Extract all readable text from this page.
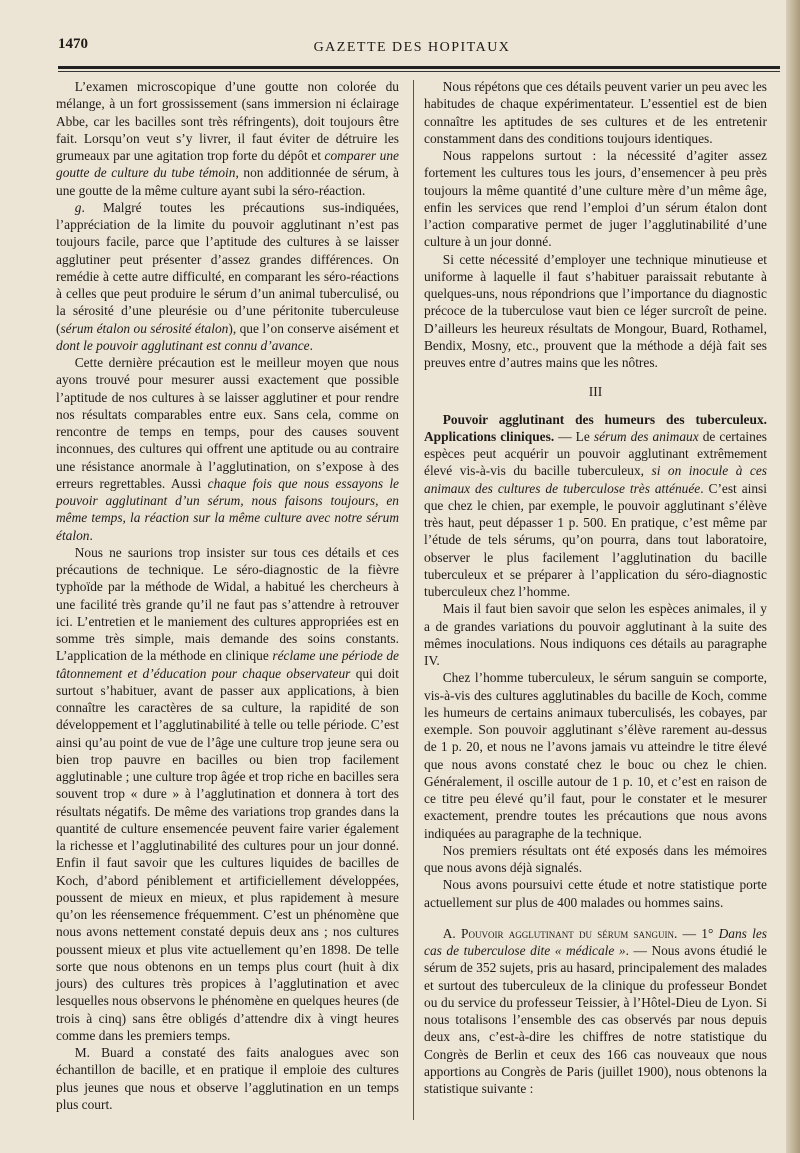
1470	GAZETTE DES HOPITAUX

L’examen microscopique d’une goutte non colorée du mélange, à un fort grossissement (sans immersion ni éclairage Abbe, car les bacilles sont très réfringents), doit toujours être fait. Lorsqu’on veut s’y livrer, il faut éviter de détruire les grumeaux par une agitation trop forte du dépôt et comparer une goutte de culture du tube témoin, non additionnée de sérum, à une goutte de la même culture ayant subi la séro-réaction.

g. Malgré toutes les précautions sus-indiquées, l’appréciation de la limite du pouvoir agglutinant n’est pas toujours facile, parce que l’aptitude des cultures à se laisser agglutiner peut présenter d’assez grandes différences. On remédie à cette autre difficulté, en comparant les séro-réactions à celles que peut produire le sérum d’un animal tuberculisé, ou la sérosité d’une pleurésie ou d’une péritonite tuberculeuse (sérum étalon ou sérosité étalon), que l’on conserve aisément et dont le pouvoir agglutinant est connu d’avance.

Cette dernière précaution est le meilleur moyen que nous ayons trouvé pour mesurer aussi exactement que possible l’aptitude de nos cultures à se laisser agglutiner et pour rendre nos résultats comparables entre eux. Sans cela, comme on rencontre de temps en temps, pour des causes souvent inconnues, des cultures qui offrent une aptitude ou au contraire une résistance anormale à l’agglutination, on s’expose à des erreurs regrettables. Aussi chaque fois que nous essayons le pouvoir agglutinant d’un sérum, nous faisons toujours, en même temps, la réaction sur la même culture avec notre sérum étalon.

Nous ne saurions trop insister sur tous ces détails et ces précautions de technique. Le séro-diagnostic de la fièvre typhoïde par la méthode de Widal, a habitué les chercheurs à une facilité très grande qu’il ne faut pas s’attendre à retrouver ici. L’entretien et le maniement des cultures appropriées est en somme très simple, mais demande des soins constants. L’application de la méthode en clinique réclame une période de tâtonnement et d’éducation pour chaque observateur qui doit surtout s’habituer, avant de passer aux applications, à bien connaître les caractères de sa culture, la rapidité de son développement et l’agglutinabilité à telle ou telle période. C’est ainsi qu’au point de vue de l’âge une culture trop jeune sera ou bien trop pauvre en bacilles ou bien trop facilement agglutinable ; une culture trop âgée et trop riche en bacilles sera souvent trop « dure » à l’agglutination et donnera à tort des résultats négatifs. De même des variations trop grandes dans la quantité de culture ensemencée peuvent faire varier également la richesse et l’agglutinabilité des cultures pour un jour donné. Enfin il faut savoir que les cultures liquides de bacilles de Koch, d’abord péniblement et artificiellement développées, poussent de mieux en mieux, et plus rapidement à mesure qu’on les réensemence fréquemment. C’est un phénomène que nous avons nettement constaté depuis deux ans ; nos cultures poussent mieux et plus vite actuellement qu’en 1898. De telle sorte que nous obtenons en un temps plus court (huit à dix jours) des cultures très propices à l’agglutination et avec lesquelles nous observons le phénomène en quelques heures (de trois à cinq) sans être obligés d’attendre dix à vingt heures comme dans les premiers temps.

M. Buard a constaté des faits analogues avec son échantillon de bacille, et en pratique il emploie des cultures plus jeunes que nous et observe l’agglutination en un temps plus court.

Nous répétons que ces détails peuvent varier un peu avec les habitudes de chaque expérimentateur. L’essentiel est de bien connaître les aptitudes de ses cultures et de les entretenir constamment dans des conditions toujours identiques.

Nous rappelons surtout : la nécessité d’agiter assez fortement les cultures tous les jours, d’ensemencer à peu près toujours la même quantité d’une culture mère d’un même âge, enfin les services que rend l’emploi d’un sérum étalon dont l’action comparative permet de juger l’agglutinabilité d’une culture à un jour donné.

Si cette nécessité d’employer une technique minutieuse et uniforme à laquelle il faut s’habituer paraissait rebutante à quelques-uns, nous répondrions que l’importance du diagnostic précoce de la tuberculose vaut bien ce léger surcroît de peine. D’ailleurs les heureux résultats de Mongour, Buard, Rothamel, Bendix, Mosny, etc., prouvent que la méthode a déjà fait ses preuves entre d’autres mains que les nôtres.

III

Pouvoir agglutinant des humeurs des tuberculeux. Applications cliniques. — Le sérum des animaux de certaines espèces peut acquérir un pouvoir agglutinant extrêmement élevé vis-à-vis du bacille tuberculeux, si on inocule à ces animaux des cultures de tuberculose très atténuée. C’est ainsi que chez le chien, par exemple, le pouvoir agglutinant s’élève très haut, peut dépasser 1 p. 500. En pratique, c’est même par l’étude de tels sérums, qu’on pourra, dans tout laboratoire, observer le plus facilement l’agglutination du bacille tuberculeux et se préparer à l’application du séro-diagnostic tuberculeux chez l’homme.

Mais il faut bien savoir que selon les espèces animales, il y a de grandes variations du pouvoir agglutinant à la suite des mêmes inoculations. Nous indiquons ces détails au paragraphe IV.

Chez l’homme tuberculeux, le sérum sanguin se comporte, vis-à-vis des cultures agglutinables du bacille de Koch, comme les humeurs de certains animaux tuberculisés, les cobayes, par exemple. Son pouvoir agglutinant s’élève rarement au-dessus de 1 p. 20, et nous ne l’avons jamais vu atteindre le titre élevé que nous avons constaté chez le bouc ou chez le chien. Généralement, il oscille autour de 1 p. 10, et c’est en raison de ce titre peu élevé qu’il faut, pour le constater et le mesurer exactement, prendre toutes les précautions que nous avons indiquées au paragraphe de la technique.

Nos premiers résultats ont été exposés dans les mémoires que nous avons déjà signalés.

Nous avons poursuivi cette étude et notre statistique porte actuellement sur plus de 400 malades ou hommes sains.

A. Pouvoir agglutinant du sérum sanguin. — 1° Dans les cas de tuberculose dite « médicale ». — Nous avons étudié le sérum de 352 sujets, pris au hasard, principalement des malades et surtout des tuberculeux de la clinique du professeur Bondet ou du service du professeur Teissier, à l’Hôtel-Dieu de Lyon. Si nous totalisons l’ensemble des cas observés par nous depuis deux ans, c’est-à-dire les chiffres de notre statistique du Congrès de Berlin et ceux des 166 cas nouveaux que nous apportions au Congrès de Paris (juillet 1900), nous obtenons la statistique suivante :
